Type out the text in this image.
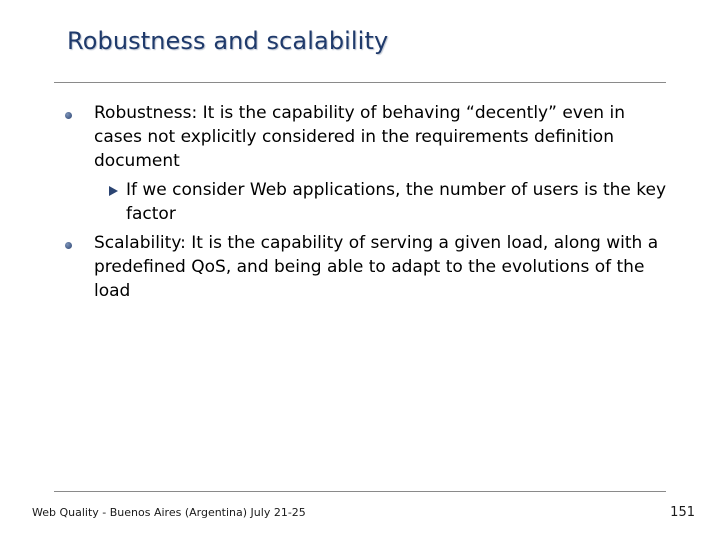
Robustness and scalability
Robustness: It is the capability of behaving “decently” even in cases not explicitly considered in the requirements definition document
If we consider Web applications, the number of users is the key factor
Scalability: It is the capability of serving a given load, along with a predefined QoS, and being able to adapt to the evolutions of the load
Web Quality - Buenos Aires (Argentina) July 21-25	151
